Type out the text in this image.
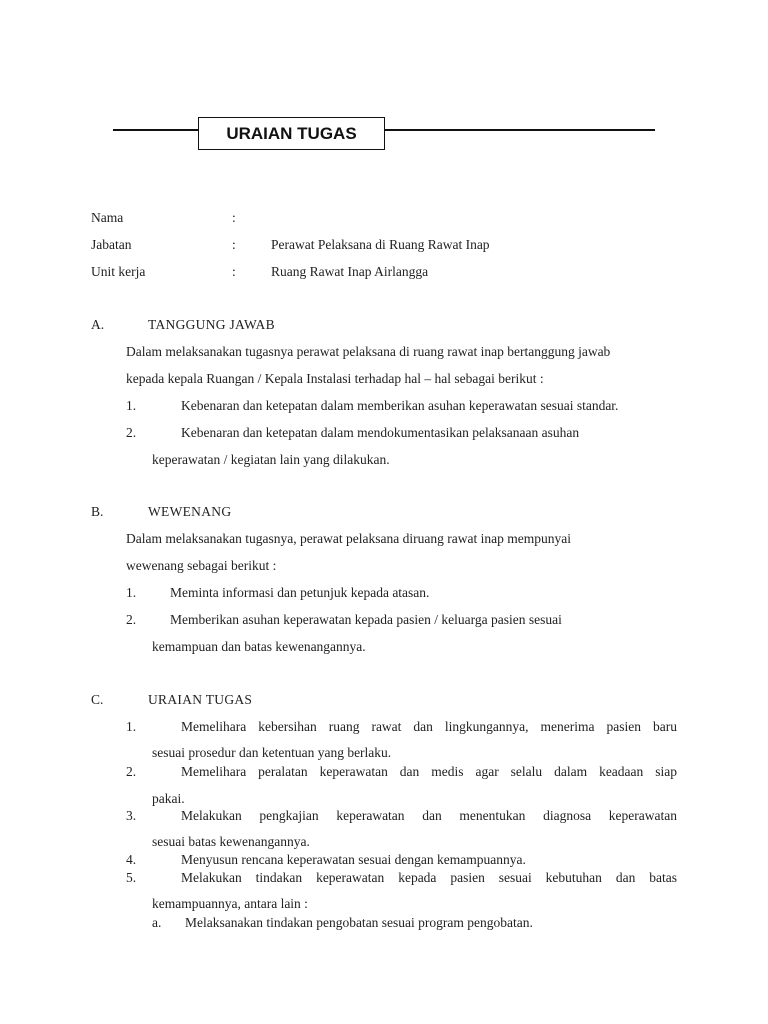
URAIAN TUGAS
Nama	:
Jabatan	:	Perawat Pelaksana di Ruang Rawat Inap
Unit kerja	:	Ruang Rawat Inap Airlangga
A.	TANGGUNG JAWAB
Dalam melaksanakan tugasnya perawat pelaksana di ruang rawat inap bertanggung jawab
kepada kepala Ruangan / Kepala Instalasi terhadap hal – hal sebagai berikut :
1.	Kebenaran dan ketepatan dalam memberikan asuhan keperawatan sesuai standar.
2.	Kebenaran dan ketepatan dalam mendokumentasikan pelaksanaan asuhan
keperawatan / kegiatan lain yang dilakukan.
B.	WEWENANG
Dalam melaksanakan tugasnya, perawat pelaksana diruang rawat inap mempunyai
wewenang sebagai berikut :
1.	Meminta informasi dan petunjuk kepada atasan.
2.	Memberikan asuhan keperawatan kepada pasien / keluarga pasien sesuai
kemampuan dan batas kewenangannya.
C.	URAIAN TUGAS
1.	Memelihara kebersihan ruang rawat dan lingkungannya, menerima pasien baru
sesuai prosedur dan ketentuan yang berlaku.
2.	Memelihara peralatan keperawatan dan medis agar selalu dalam keadaan siap
pakai.
3.	Melakukan pengkajian keperawatan dan menentukan diagnosa keperawatan
sesuai batas kewenangannya.
4.	Menyusun rencana keperawatan sesuai dengan kemampuannya.
5.	Melakukan tindakan keperawatan kepada pasien sesuai kebutuhan dan batas
kemampuannya, antara lain :
a. Melaksanakan tindakan pengobatan sesuai program pengobatan.
